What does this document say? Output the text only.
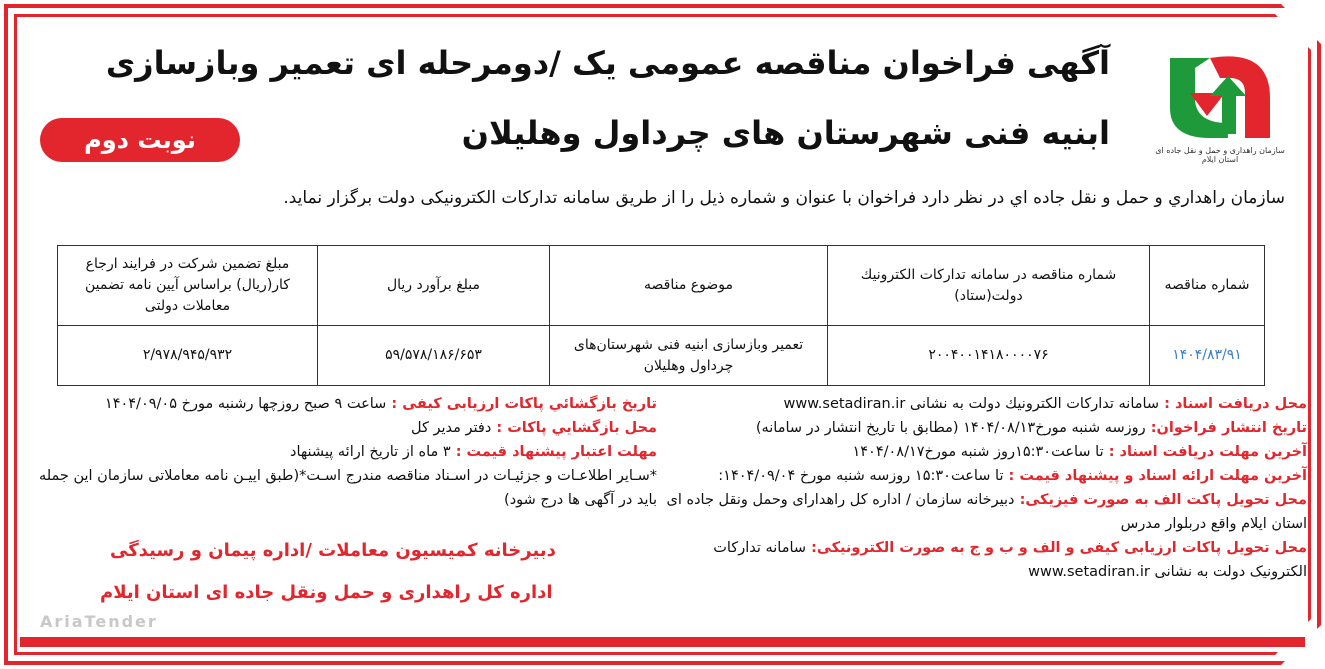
AriaTender
سازمان راهداری و حمل و نقل جاده ای استان ایلام
آگهی فراخوان مناقصه عمومی یک /دومرحله ای تعمیر وبازسازی
ابنیه فنی شهرستان های چرداول وهلیلان
نوبت دوم
سازمان راهداري و حمل و نقل جاده اي در نظر دارد فراخوان با عنوان و شماره ذيل را از طريق سامانه تداركات الكترونيكی دولت برگزار نمايد.
شماره مناقصه	شماره مناقصه در سامانه تداركات الكترونيك دولت(ستاد)	موضوع مناقصه	مبلغ برآورد ريال	مبلغ تضمین شرکت در فرایند ارجاع کار(ریال) براساس آیین نامه تضمین معاملات دولتی
۱۴۰۴/۸۳/۹۱	۲۰۰۴۰۰۱۴۱۸۰۰۰۰۷۶	تعمیر وبازسازی ابنیه فنی شهرستان‌های چرداول وهلیلان	۵۹/۵۷۸/۱۸۶/۶۵۳	۲/۹۷۸/۹۴۵/۹۳۲
محل دريافت اسناد : سامانه تداركات الكترونيك دولت به نشانی www.setadiran.ir
تاريخ انتشار فراخوان: روزسه شنبه مورخ۱۴۰۴/۰۸/۱۳ (مطابق با تاريخ انتشار در سامانه)
آخرين مهلت دريافت اسناد : تا ساعت۱۵:۳۰روز شنبه مورخ۱۴۰۴/۰۸/۱۷
آخرين مهلت ارائه اسناد و پيشنهاد قيمت : تا ساعت۱۵:۳۰ روزسه شنبه مورخ ۱۴۰۴/۰۹/۰۴:
محل تحویل پاکت الف به صورت فیزیکی: دبیرخانه سازمان / اداره کل راهدارای وحمل ونقل جاده ای استان ایلام واقع دربلوار مدرس
محل تحویل پاکات ارزیابی کیفی و الف و ب و ج به صورت الکترونیکی: سامانه تدارکات الکترونیک دولت به نشانی www.setadiran.ir
تاريخ بازگشائي پاكات ارزيابی كيفی : ساعت ۹ صبح روزچها رشنبه مورخ ۱۴۰۴/۰۹/۰۵
محل بازگشايي پاكات : دفتر مدير كل
مهلت اعتبار پيشنهاد قيمت : ۳ ماه از تاريخ ارائه پيشنهاد
*سـاير اطلاعـات و جزئيـات در اسـناد مناقصه مندرج اسـت*(طبق اییـن نامه معاملاتی سازمان این جمله باید در آگهی ها درج شود)
دبیرخانه کمیسیون معاملات /اداره پیمان و رسیدگی
اداره کل راهداری و حمل ونقل جاده ای استان ایلام
